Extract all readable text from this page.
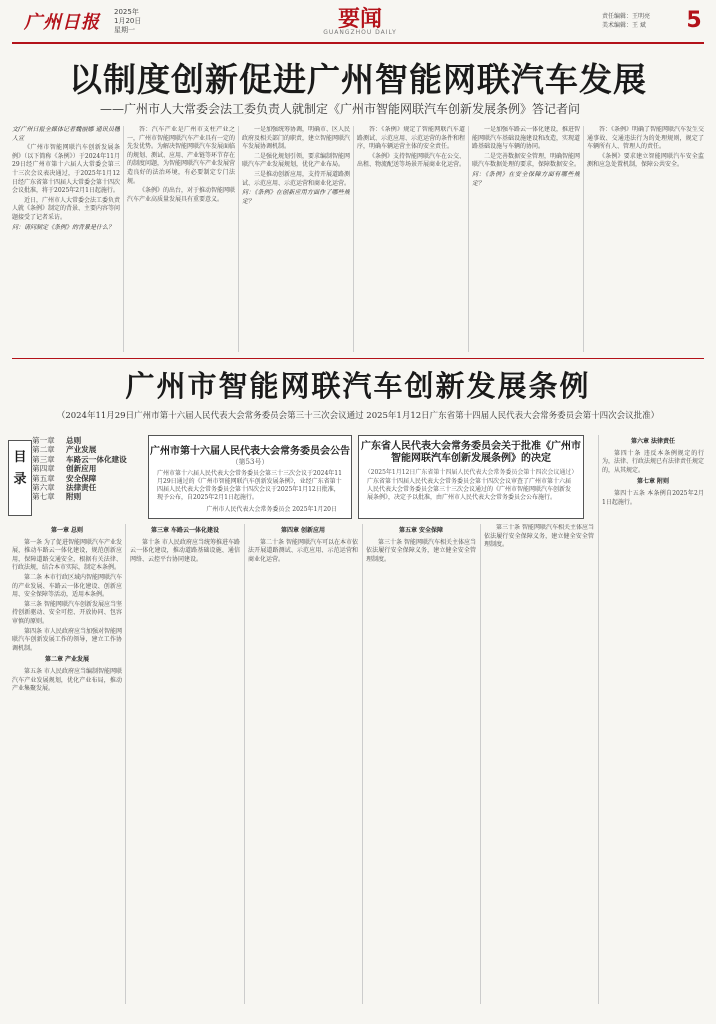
广州日报	2025年
1月20日
星期一	要闻
GUANGZHOU DAILY
责任编辑：王明亮
美术编辑：王 斌 5
以制度创新促进广州智能网联汽车发展
——广州市人大常委会法工委负责人就制定《广州市智能网联汽车创新发展条例》答记者问

文/广州日报全媒体记者魏丽娜 通讯员穗人宣

《广州市智能网联汽车创新发展条例》（以下简称《条例》）于2024年11月29日经广州市第十六届人大常委会第三十三次会议表决通过，于2025年1月12日经广东省第十四届人大常委会第十四次会议批准，将于2025年2月1日起施行。

近日，广州市人大常委会法工委负责人就《条例》制定的背景、主要内容等问题接受了记者采访。

问：请问制定《条例》的背景是什么？

答：汽车产业是广州市支柱产业之一，广州市智能网联汽车产业具有一定的先发优势。为解决智能网联汽车发展面临的规划、测试、应用、产业链等环节存在的制度问题，为智能网联汽车产业发展营造良好的法治环境，有必要制定专门法规。

《条例》的出台，对于推动智能网联汽车产业高质量发展具有重要意义。

一是加强统筹协调，明确市、区人民政府及相关部门的职责，建立智能网联汽车发展协调机制。

二是强化规划引领，要求编制智能网联汽车产业发展规划，优化产业布局。

三是推动创新应用，支持开展道路测试、示范应用、示范运营和商业化运营。

问：《条例》在创新应用方面作了哪些规定？

答：《条例》规定了智能网联汽车道路测试、示范应用、示范运营的条件和程序，明确车辆运营主体的安全责任。

《条例》支持智能网联汽车在公交、出租、物流配送等场景开展商业化运营。

一是加强车路云一体化建设，推进智能网联汽车基础设施建设和改造，实现道路基础设施与车辆的协同。

二是完善数据安全管理，明确智能网联汽车数据处理的要求，保障数据安全。

问：《条例》在安全保障方面有哪些规定？

答：《条例》明确了智能网联汽车发生交通事故、交通违法行为的处理规则，规定了车辆所有人、管理人的责任。

《条例》要求建立智能网联汽车安全监测和应急处置机制，保障公共安全。

广州市智能网联汽车创新发展条例
（2024年11月29日广州市第十六届人民代表大会常务委员会第三十三次会议通过 2025年1月12日广东省第十四届人民代表大会常务委员会第十四次会议批准）
目录
第一章 总则
第二章 产业发展
第三章 车路云一体化建设
第四章 创新应用
第五章 安全保障
第六章 法律责任
第七章 附则
广州市第十六届人民代表大会常务委员会公告
（第53号）
广州市第十六届人民代表大会常务委员会第三十三次会议于2024年11月29日通过的《广州市智能网联汽车创新发展条例》，业经广东省第十四届人民代表大会常务委员会第十四次会议于2025年1月12日批准，现予公布，自2025年2月1日起施行。
广州市人民代表大会常务委员会 2025年1月20日
广东省人民代表大会常务委员会关于批准《广州市智能网联汽车创新发展条例》的决定
（2025年1月12日广东省第十四届人民代表大会常务委员会第十四次会议通过）
广东省第十四届人民代表大会常务委员会第十四次会议审查了广州市第十六届人民代表大会常务委员会第三十三次会议通过的《广州市智能网联汽车创新发展条例》，决定予以批准，由广州市人民代表大会常务委员会公布施行。

第一章 总则

第一条 为了促进智能网联汽车产业发展，推动车路云一体化建设，规范创新应用，保障道路交通安全，根据有关法律、行政法规，结合本市实际，制定本条例。

第二条 本市行政区域内智能网联汽车的产业发展、车路云一体化建设、创新应用、安全保障等活动，适用本条例。

第三条 智能网联汽车创新发展应当坚持创新驱动、安全可控、开放协同、包容审慎的原则。

第四条 市人民政府应当加强对智能网联汽车创新发展工作的领导，建立工作协调机制。

第二章 产业发展

第五条 市人民政府应当编制智能网联汽车产业发展规划，优化产业布局，推动产业集聚发展。

第三章 车路云一体化建设

第十条 市人民政府应当统筹推进车路云一体化建设，推动道路基础设施、通信网络、云控平台协同建设。

第四章 创新应用

第二十条 智能网联汽车可以在本市依法开展道路测试、示范应用、示范运营和商业化运营。

第五章 安全保障

第三十条 智能网联汽车相关主体应当依法履行安全保障义务，建立健全安全管理制度。

第三十条 智能网联汽车相关主体应当依法履行安全保障义务，建立健全安全管理制度。

第六章 法律责任

第四十条 违反本条例规定的行为，法律、行政法规已有法律责任规定的，从其规定。

第七章 附则

第四十五条 本条例自2025年2月1日起施行。
